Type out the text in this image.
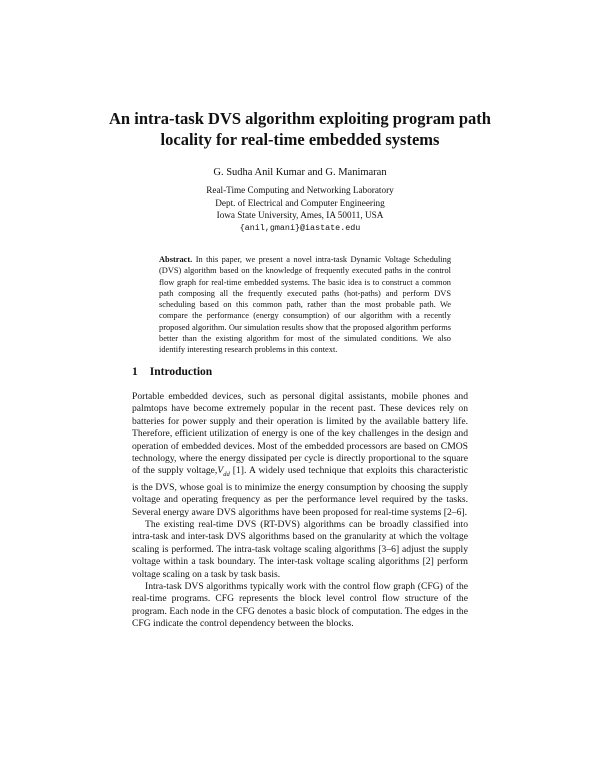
An intra-task DVS algorithm exploiting program path locality for real-time embedded systems
G. Sudha Anil Kumar and G. Manimaran
Real-Time Computing and Networking Laboratory
Dept. of Electrical and Computer Engineering
Iowa State University, Ames, IA 50011, USA
{anil,gmani}@iastate.edu
Abstract. In this paper, we present a novel intra-task Dynamic Voltage Scheduling (DVS) algorithm based on the knowledge of frequently executed paths in the control flow graph for real-time embedded systems. The basic idea is to construct a common path composing all the frequently executed paths (hot-paths) and perform DVS scheduling based on this common path, rather than the most probable path. We compare the performance (energy consumption) of our algorithm with a recently proposed algorithm. Our simulation results show that the proposed algorithm performs better than the existing algorithm for most of the simulated conditions. We also identify interesting research problems in this context.
1 Introduction

Portable embedded devices, such as personal digital assistants, mobile phones and palmtops have become extremely popular in the recent past. These devices rely on batteries for power supply and their operation is limited by the available battery life. Therefore, efficient utilization of energy is one of the key challenges in the design and operation of embedded devices. Most of the embedded processors are based on CMOS technology, where the energy dissipated per cycle is directly proportional to the square of the supply $voltage,V_{dd}$ [1]. A widely used technique that exploits this characteristic is the DVS, whose goal is to minimize the energy consumption by choosing the supply voltage and operating frequency as per the performance level required by the tasks. Several energy aware DVS algorithms have been proposed for real-time systems [2–6].

The existing real-time DVS (RT-DVS) algorithms can be broadly classified into intra-task and inter-task DVS algorithms based on the granularity at which the voltage scaling is performed. The intra-task voltage scaling algorithms [3–6] adjust the supply voltage within a task boundary. The inter-task voltage scaling algorithms [2] perform voltage scaling on a task by task basis.

Intra-task DVS algorithms typically work with the control flow graph (CFG) of the real-time programs. CFG represents the block level control flow structure of the program. Each node in the CFG denotes a basic block of computation. The edges in the CFG indicate the control dependency between the blocks.
